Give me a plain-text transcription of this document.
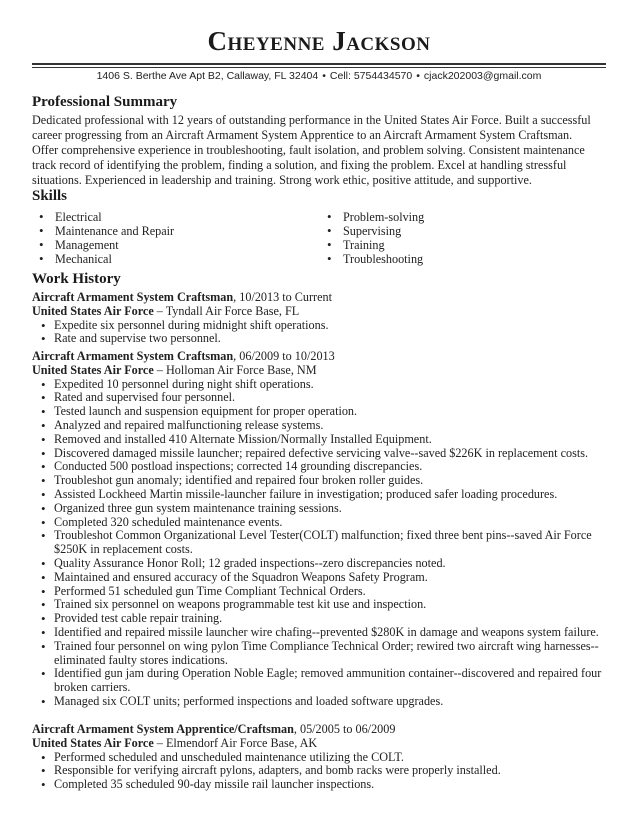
Cheyenne Jackson
1406 S. Berthe Ave Apt B2, Callaway, FL 32404 • Cell: 5754434570 • cjack202003@gmail.com
Professional Summary
Dedicated professional with 12 years of outstanding performance in the United States Air Force. Built a successful career progressing from an Aircraft Armament System Apprentice to an Aircraft Armament System Craftsman. Offer comprehensive experience in troubleshooting, fault isolation, and problem solving. Consistent maintenance track record of identifying the problem, finding a solution, and fixing the problem. Excel at handling stressful situations. Experienced in leadership and training. Strong work ethic, positive attitude, and supportive.
Skills
• Electrical
• Maintenance and Repair
• Management
• Mechanical
• Problem-solving
• Supervising
• Training
• Troubleshooting
Work History
Aircraft Armament System Craftsman, 10/2013 to Current
United States Air Force – Tyndall Air Force Base, FL
• Expedite six personnel during midnight shift operations.
• Rate and supervise two personnel.
Aircraft Armament System Craftsman, 06/2009 to 10/2013
United States Air Force – Holloman Air Force Base, NM
• Expedited 10 personnel during night shift operations.
• Rated and supervised four personnel.
• Tested launch and suspension equipment for proper operation.
• Analyzed and repaired malfunctioning release systems.
• Removed and installed 410 Alternate Mission/Normally Installed Equipment.
• Discovered damaged missile launcher; repaired defective servicing valve--saved $226K in replacement costs.
• Conducted 500 postload inspections; corrected 14 grounding discrepancies.
• Troubleshot gun anomaly; identified and repaired four broken roller guides.
• Assisted Lockheed Martin missile-launcher failure in investigation; produced safer loading procedures.
• Organized three gun system maintenance training sessions.
• Completed 320 scheduled maintenance events.
• Troubleshot Common Organizational Level Tester(COLT) malfunction; fixed three bent pins--saved Air Force $250K in replacement costs.
• Quality Assurance Honor Roll; 12 graded inspections--zero discrepancies noted.
• Maintained and ensured accuracy of the Squadron Weapons Safety Program.
• Performed 51 scheduled gun Time Compliant Technical Orders.
• Trained six personnel on weapons programmable test kit use and inspection.
• Provided test cable repair training.
• Identified and repaired missile launcher wire chafing--prevented $280K in damage and weapons system failure.
• Trained four personnel on wing pylon Time Compliance Technical Order; rewired two aircraft wing harnesses--eliminated faulty stores indications.
• Identified gun jam during Operation Noble Eagle; removed ammunition container--discovered and repaired four broken carriers.
• Managed six COLT units; performed inspections and loaded software upgrades.
Aircraft Armament System Apprentice/Craftsman, 05/2005 to 06/2009
United States Air Force – Elmendorf Air Force Base, AK
• Performed scheduled and unscheduled maintenance utilizing the COLT.
• Responsible for verifying aircraft pylons, adapters, and bomb racks were properly installed.
• Completed 35 scheduled 90-day missile rail launcher inspections.
